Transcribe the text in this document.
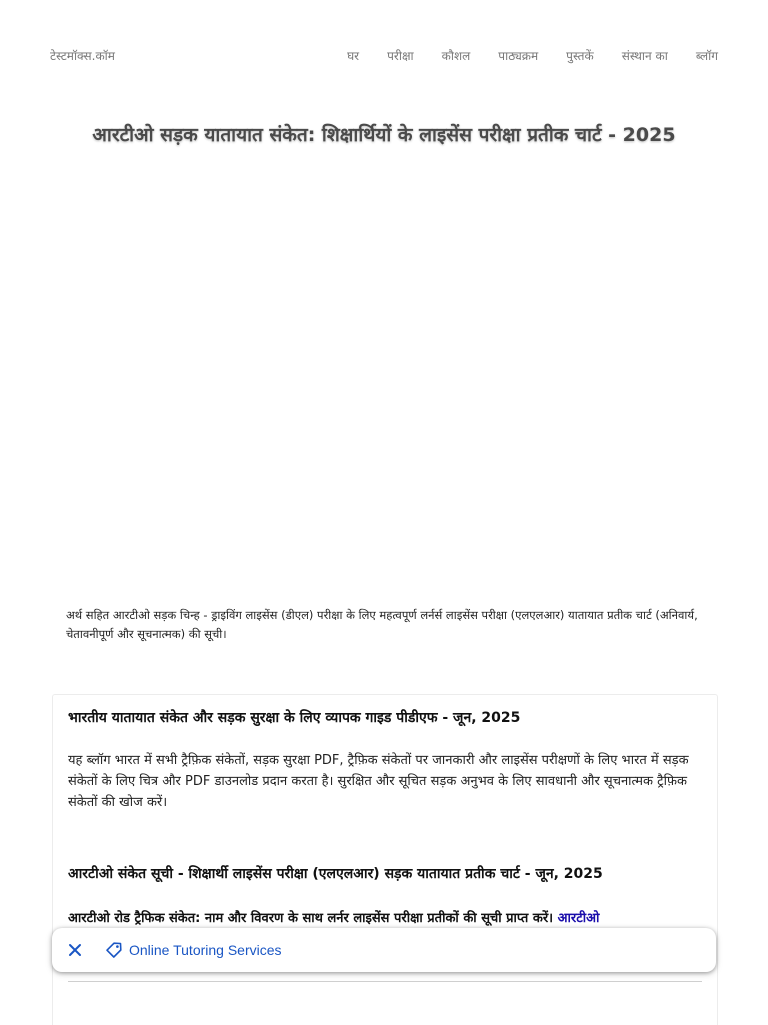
टेस्टमॉक्स.कॉम	घर परीक्षा कौशल पाठ्यक्रम पुस्तकें संस्थान का ब्लॉग
आरटीओ सड़क यातायात संकेत: शिक्षार्थियों के लाइसेंस परीक्षा प्रतीक चार्ट - 2025

अर्थ सहित आरटीओ सड़क चिन्ह - ड्राइविंग लाइसेंस (डीएल) परीक्षा के लिए महत्वपूर्ण लर्नर्स लाइसेंस परीक्षा (एलएलआर) यातायात प्रतीक चार्ट (अनिवार्य, चेतावनीपूर्ण और सूचनात्मक) की सूची।

भारतीय यातायात संकेत और सड़क सुरक्षा के लिए व्यापक गाइड पीडीएफ - जून, 2025

यह ब्लॉग भारत में सभी ट्रैफ़िक संकेतों, सड़क सुरक्षा PDF, ट्रैफ़िक संकेतों पर जानकारी और लाइसेंस परीक्षणों के लिए भारत में सड़क संकेतों के लिए चित्र और PDF डाउनलोड प्रदान करता है। सुरक्षित और सूचित सड़क अनुभव के लिए सावधानी और सूचनात्मक ट्रैफ़िक संकेतों की खोज करें।

आरटीओ संकेत सूची - शिक्षार्थी लाइसेंस परीक्षा (एलएलआर) सड़क यातायात प्रतीक चार्ट - जून, 2025

आरटीओ रोड ट्रैफिक संकेत: नाम और विवरण के साथ लर्नर लाइसेंस परीक्षा प्रतीकों की सूची प्राप्त करें। आरटीओ

Online Tutoring Services
